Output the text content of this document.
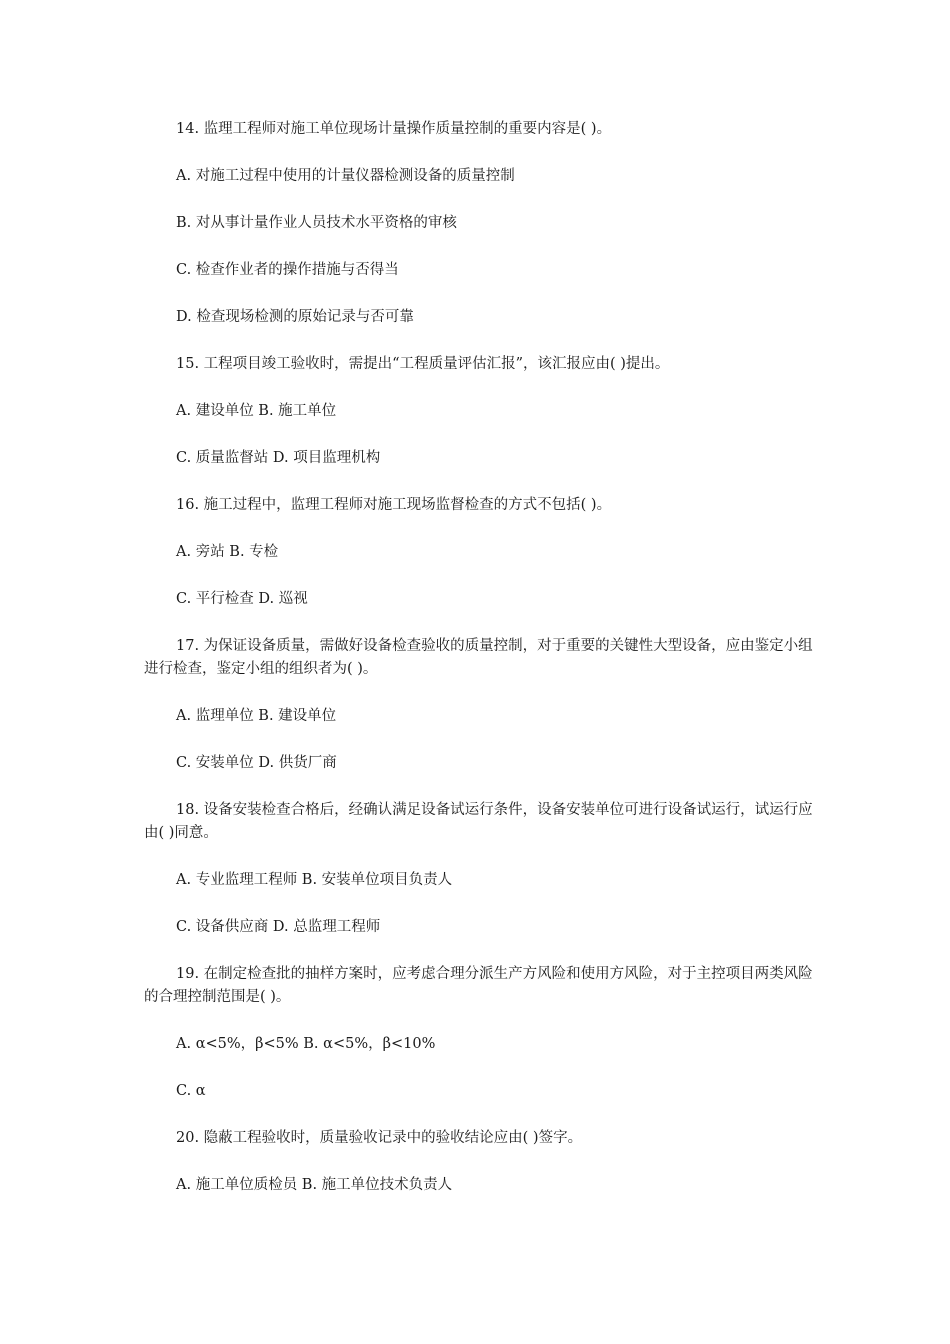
14. 监理工程师对施工单位现场计量操作质量控制的重要内容是( )。

A. 对施工过程中使用的计量仪器检测设备的质量控制

B. 对从事计量作业人员技术水平资格的审核

C. 检查作业者的操作措施与否得当

D. 检查现场检测的原始记录与否可靠

15. 工程项目竣工验收时，需提出“工程质量评估汇报”，该汇报应由( )提出。

A. 建设单位 B. 施工单位

C. 质量监督站 D. 项目监理机构

16. 施工过程中，监理工程师对施工现场监督检查的方式不包括( )。

A. 旁站 B. 专检

C. 平行检查 D. 巡视

17. 为保证设备质量，需做好设备检查验收的质量控制，对于重要的关键性大型设备，应由鉴定小组进行检查，鉴定小组的组织者为( )。

A. 监理单位 B. 建设单位

C. 安装单位 D. 供货厂商

18. 设备安装检查合格后，经确认满足设备试运行条件，设备安装单位可进行设备试运行，试运行应由( )同意。

A. 专业监理工程师 B. 安装单位项目负责人

C. 设备供应商 D. 总监理工程师

19. 在制定检查批的抽样方案时，应考虑合理分派生产方风险和使用方风险，对于主控项目两类风险的合理控制范围是( )。

A. α<5%，β<5% B. α<5%，β<10%

C. α

20. 隐蔽工程验收时，质量验收记录中的验收结论应由( )签字。

A. 施工单位质检员 B. 施工单位技术负责人
